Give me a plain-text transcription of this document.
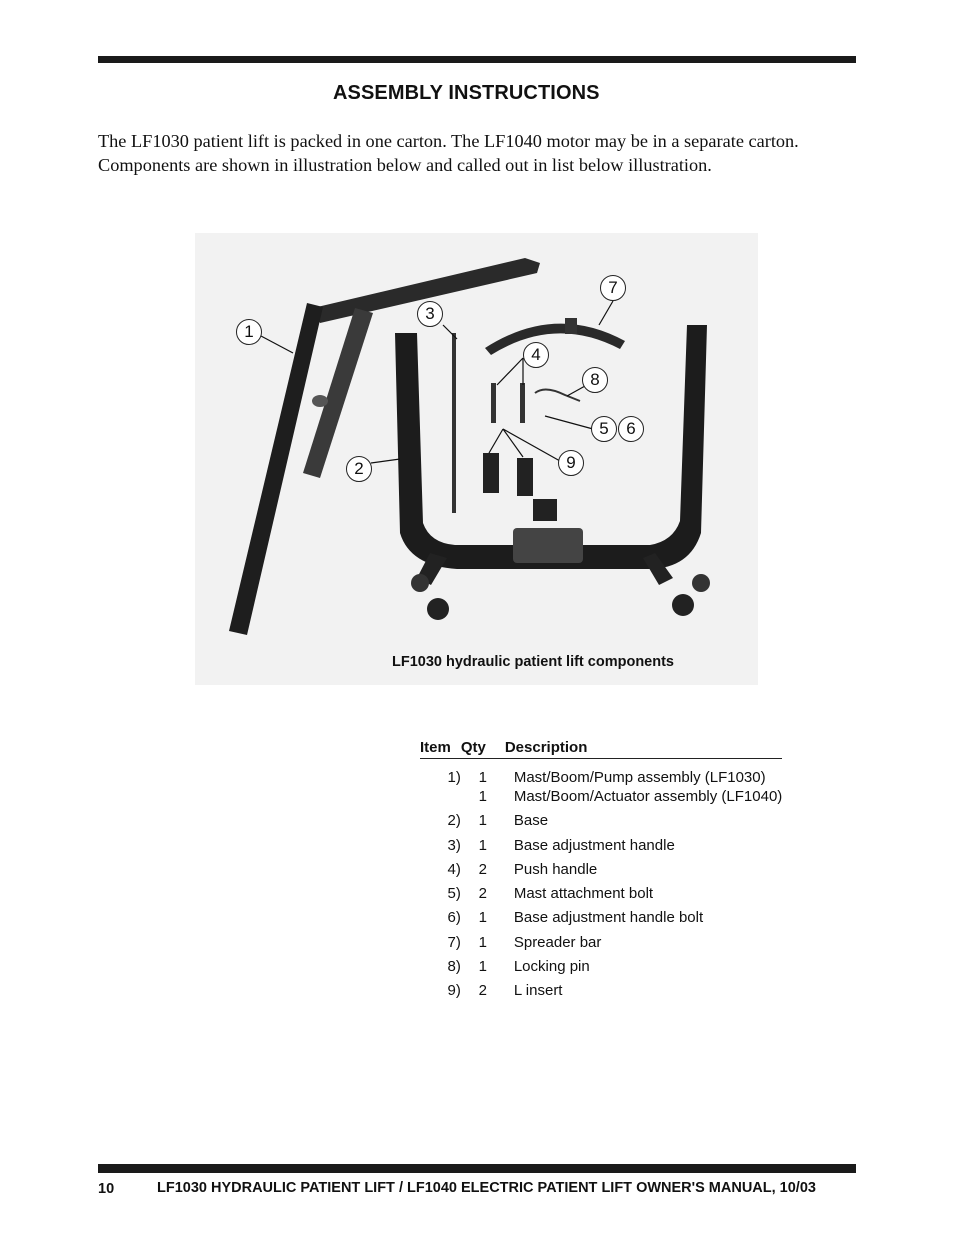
ASSEMBLY INSTRUCTIONS
The LF1030 patient lift is packed in one carton. The LF1040 motor may be in a separate carton. Components are shown in illustration below and called out in list below illustration.
1
2
3
4
5	6
7
8
9
LF1030 hydraulic patient lift components
Item	Qty	Description

1)	1	Mast/Boom/Pump assembly (LF1030)
	1	Mast/Boom/Actuator assembly (LF1040)
2)	1	Base
3)	1	Base adjustment handle
4)	2	Push handle
5)	2	Mast attachment bolt
6)	1	Base adjustment handle bolt
7)	1	Spreader bar
8)	1	Locking pin
9)	2	L insert
10	LF1030 HYDRAULIC PATIENT LIFT / LF1040 ELECTRIC PATIENT LIFT OWNER'S MANUAL, 10/03
